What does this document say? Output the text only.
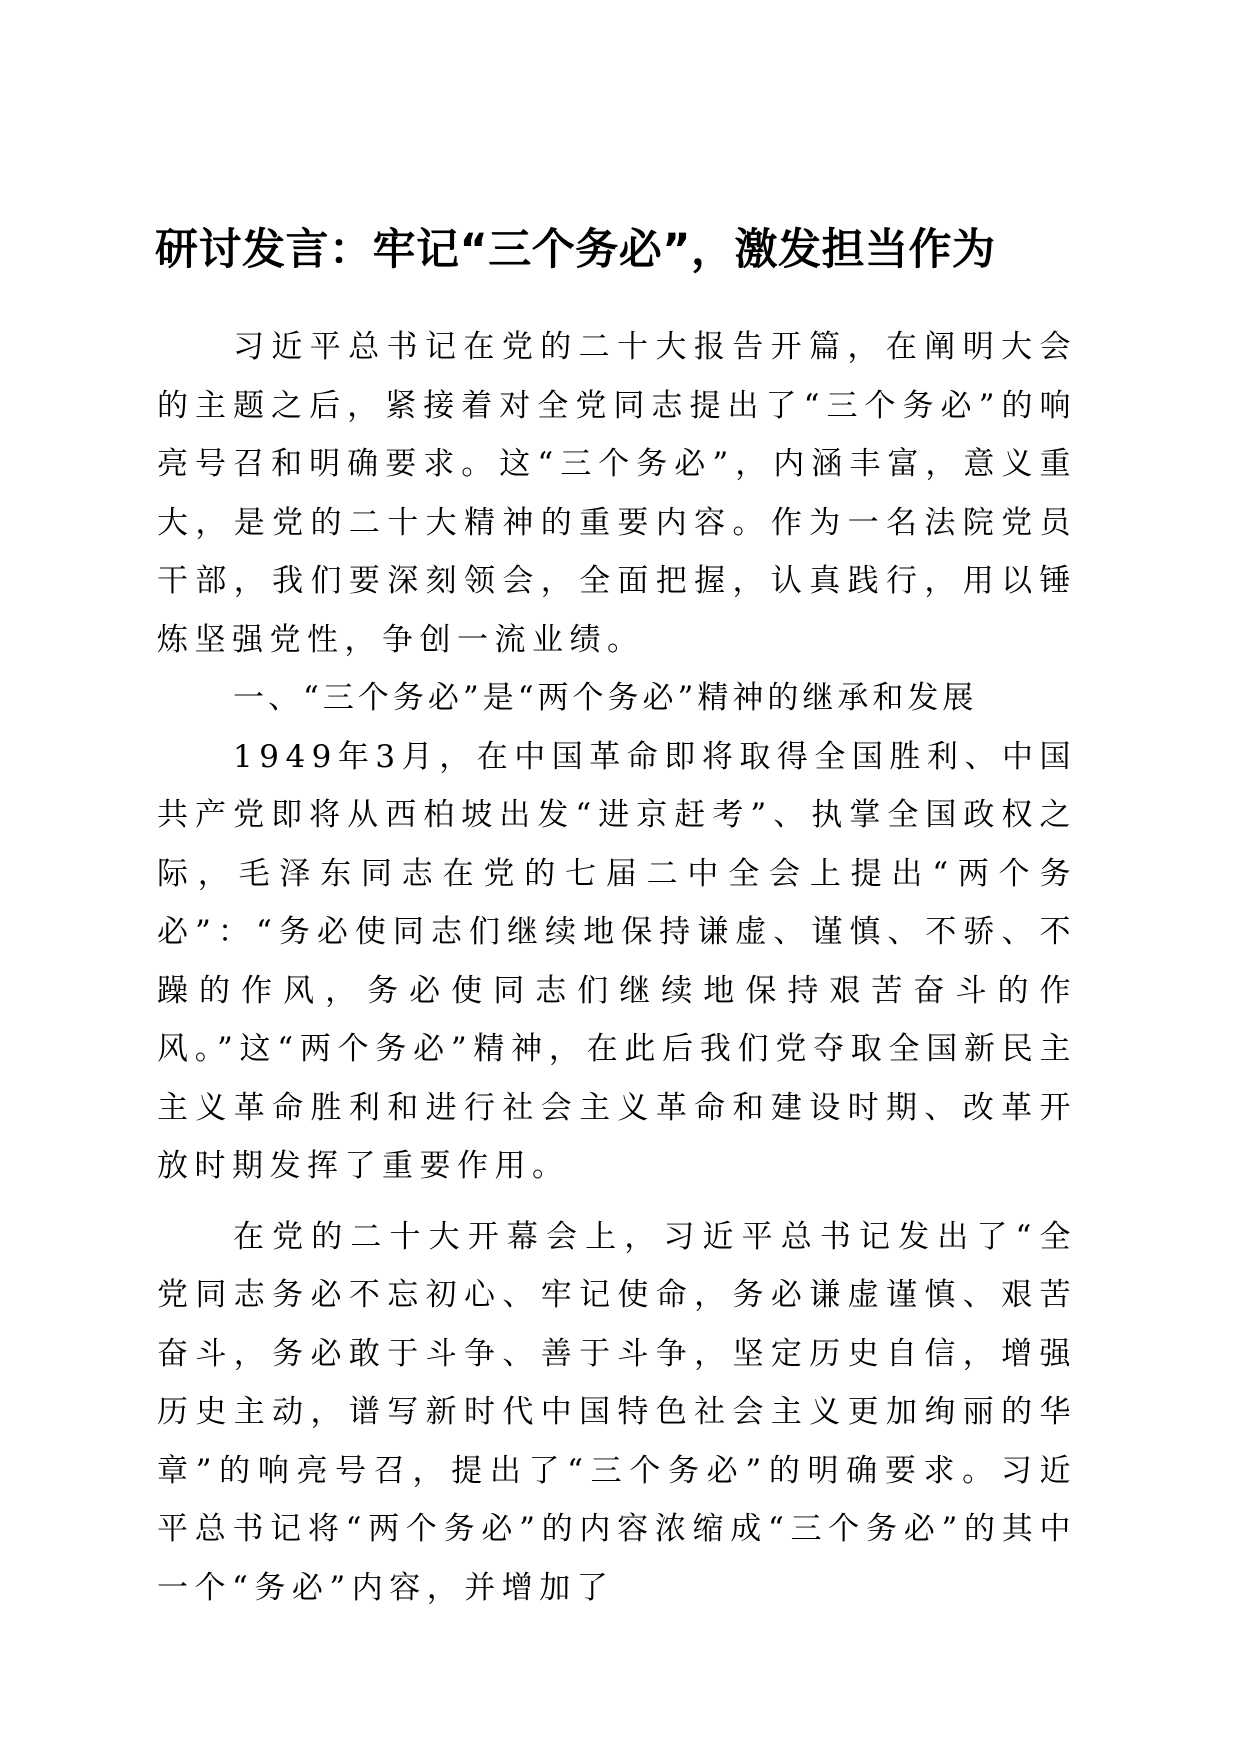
研讨发言：牢记“三个务必”，激发担当作为

习近平总书记在党的二十大报告开篇，在阐明大会的主题之后，紧接着对全党同志提出了“三个务必”的响亮号召和明确要求。这“三个务必”，内涵丰富，意义重大，是党的二十大精神的重要内容。作为一名法院党员干部，我们要深刻领会，全面把握，认真践行，用以锤炼坚强党性，争创一流业绩。

一、“三个务必”是“两个务必”精神的继承和发展

1949年3月，在中国革命即将取得全国胜利、中国共产党即将从西柏坡出发“进京赶考”、执掌全国政权之际，毛泽东同志在党的七届二中全会上提出“两个务必”：“务必使同志们继续地保持谦虚、谨慎、不骄、不躁的作风，务必使同志们继续地保持艰苦奋斗的作风。”这“两个务必”精神，在此后我们党夺取全国新民主主义革命胜利和进行社会主义革命和建设时期、改革开放时期发挥了重要作用。

在党的二十大开幕会上，习近平总书记发出了“全党同志务必不忘初心、牢记使命，务必谦虚谨慎、艰苦奋斗，务必敢于斗争、善于斗争，坚定历史自信，增强历史主动，谱写新时代中国特色社会主义更加绚丽的华章”的响亮号召，提出了“三个务必”的明确要求。习近平总书记将“两个务必”的内容浓缩成“三个务必”的其中一个“务必”内容，并增加了
